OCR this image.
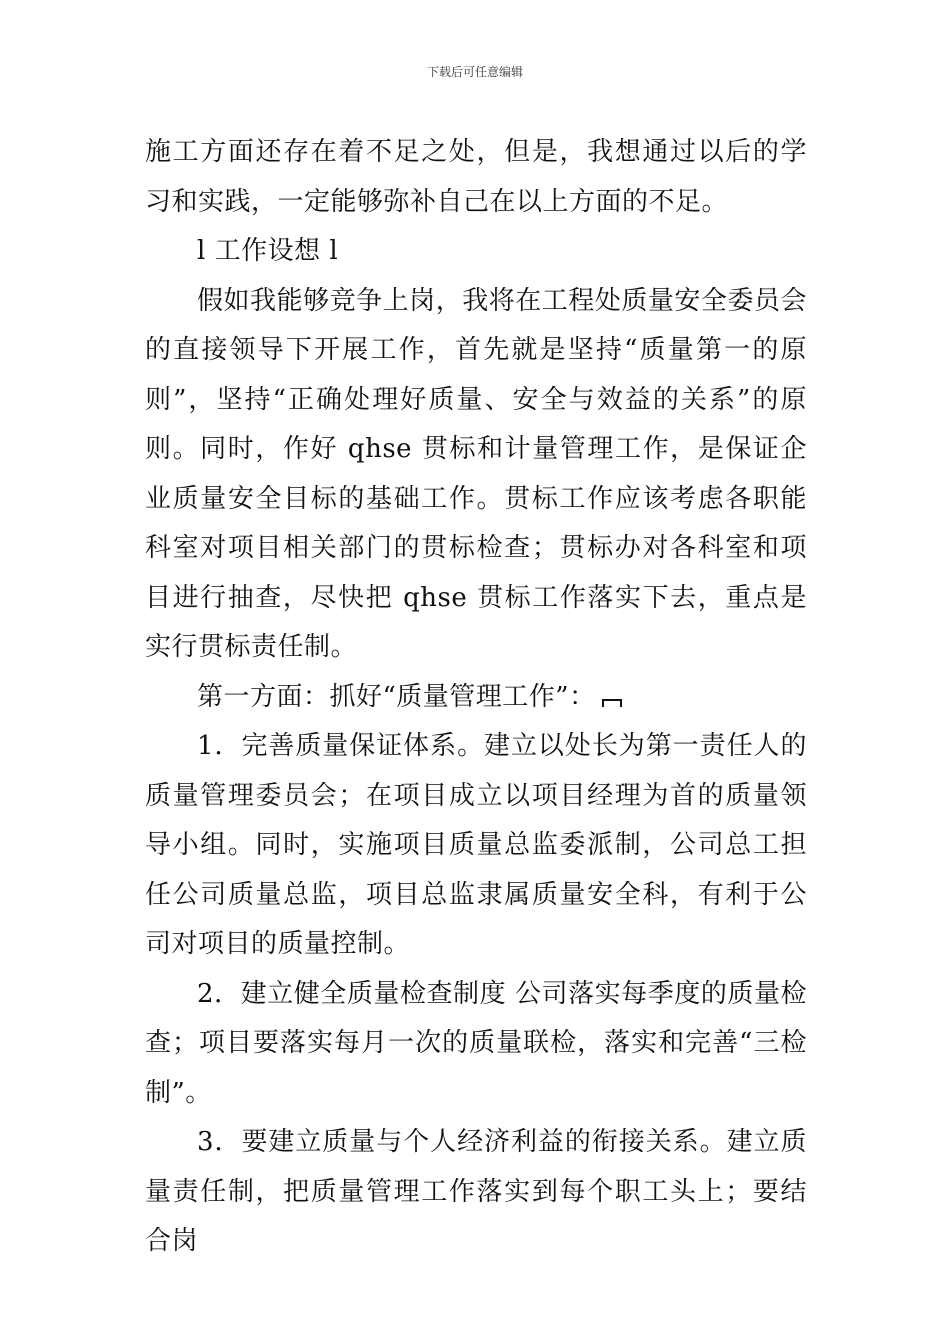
下载后可任意编辑

施工方面还存在着不足之处，但是，我想通过以后的学习和实践，一定能够弥补自己在以上方面的不足。

l 工作设想 l

假如我能够竞争上岗，我将在工程处质量安全委员会的直接领导下开展工作，首先就是坚持“质量第一的原则”，坚持“正确处理好质量、安全与效益的关系”的原则。同时，作好 qhse 贯标和计量管理工作，是保证企业质量安全目标的基础工作。贯标工作应该考虑各职能科室对项目相关部门的贯标检查；贯标办对各科室和项目进行抽查，尽快把 qhse 贯标工作落实下去，重点是实行贯标责任制。

第一方面：抓好“质量管理工作”：

1．完善质量保证体系。建立以处长为第一责任人的质量管理委员会；在项目成立以项目经理为首的质量领导小组。同时，实施项目质量总监委派制，公司总工担任公司质量总监，项目总监隶属质量安全科，有利于公司对项目的质量控制。

2．建立健全质量检查制度 公司落实每季度的质量检查；项目要落实每月一次的质量联检，落实和完善“三检制”。

3．要建立质量与个人经济利益的衔接关系。建立质量责任制，把质量管理工作落实到每个职工头上；要结合岗
